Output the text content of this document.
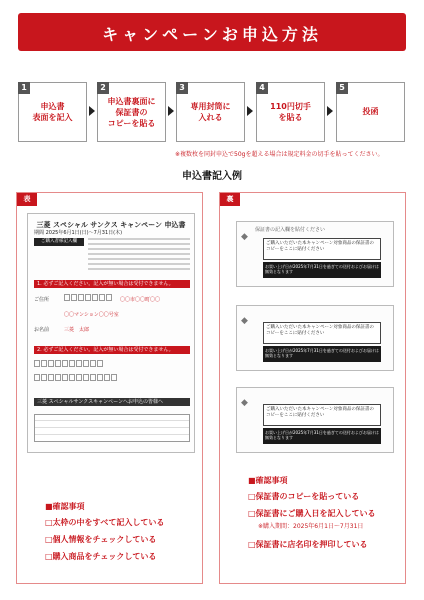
キャンペーンお申込方法
1
申込書
表面を記入
2
申込書裏面に
保証書の
コピーを貼る
3
専用封筒に
入れる
4
110円切手
を貼る
5
投函
※複数枚を同封申込で50gを超える場合は規定料金の切手を貼ってください。
申込書記入例
表
三菱 スペシャル サンクス キャンペーン 申込書
期間 2025年6月1日(日)〜7月31日(木)
ご購入者様記入欄
1. 必ずご記入ください。記入が無い場合は受付できません。
ご住所	〇〇市〇〇町〇〇
〇〇マンション〇〇号室
お名前	三菱　太郎
2. 必ずご記入ください。記入が無い場合は受付できません。
三菱 スペシャルサンクスキャンペーンへお申込の皆様へ
■確認事項
□太枠の中をすべて記入している
□個人情報をチェックしている
□購入商品をチェックしている
裏
◆
保証書の記入欄を貼付ください
ご購入いただいた本キャンペーン対象商品の保証書のコピーをここに貼付ください
お買い上げ日が2025年7月31日を過ぎての送付およびお届けは無効となります
◆
ご購入いただいた本キャンペーン対象商品の保証書のコピーをここに貼付ください
お買い上げ日が2025年7月31日を過ぎての送付およびお届けは無効となります
◆
ご購入いただいた本キャンペーン対象商品の保証書のコピーをここに貼付ください
お買い上げ日が2025年7月31日を過ぎての送付およびお届けは無効となります
■確認事項
□保証書のコピーを貼っている
□保証書にご購入日を記入している
※購入期間：2025年6月1日〜7月31日
□保証書に店名印を押印している
